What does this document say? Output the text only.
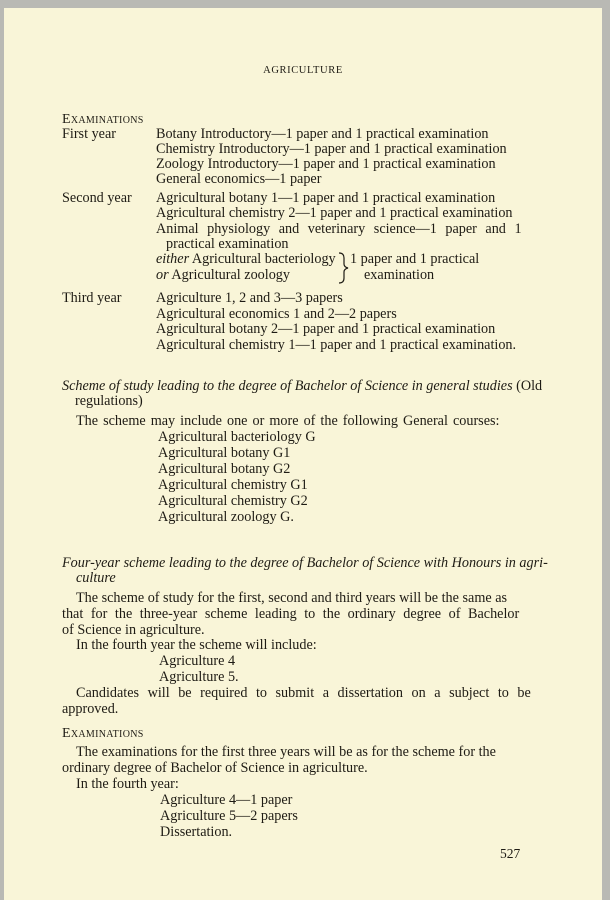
AGRICULTURE
Examinations
First year	Botany Introductory—1 paper and 1 practical examination
Chemistry Introductory—1 paper and 1 practical examination
Zoology Introductory—1 paper and 1 practical examination
General economics—1 paper
Second year Agricultural botany 1—1 paper and 1 practical examination
Agricultural chemistry 2—1 paper and 1 practical examination
Animal physiology and veterinary science—1 paper and 1
practical examination
either Agricultural bacteriology
or Agricultural zoology
1 paper and 1 practical
examination
Third year Agriculture 1, 2 and 3—3 papers
Agricultural economics 1 and 2—2 papers
Agricultural botany 2—1 paper and 1 practical examination
Agricultural chemistry 1—1 paper and 1 practical examination.
Scheme of study leading to the degree of Bachelor of Science in general studies (Old
regulations)
The scheme may include one or more of the following General courses:
Agricultural bacteriology G
Agricultural botany G1
Agricultural botany G2
Agricultural chemistry G1
Agricultural chemistry G2
Agricultural zoology G.
Four-year scheme leading to the degree of Bachelor of Science with Honours in agri-
culture
The scheme of study for the first, second and third years will be the same as
that for the three-year scheme leading to the ordinary degree of Bachelor
of Science in agriculture.
In the fourth year the scheme will include:
Agriculture 4
Agriculture 5.
Candidates will be required to submit a dissertation on a subject to be
approved.
Examinations
The examinations for the first three years will be as for the scheme for the
ordinary degree of Bachelor of Science in agriculture.
In the fourth year:
Agriculture 4—1 paper
Agriculture 5—2 papers
Dissertation.
527
